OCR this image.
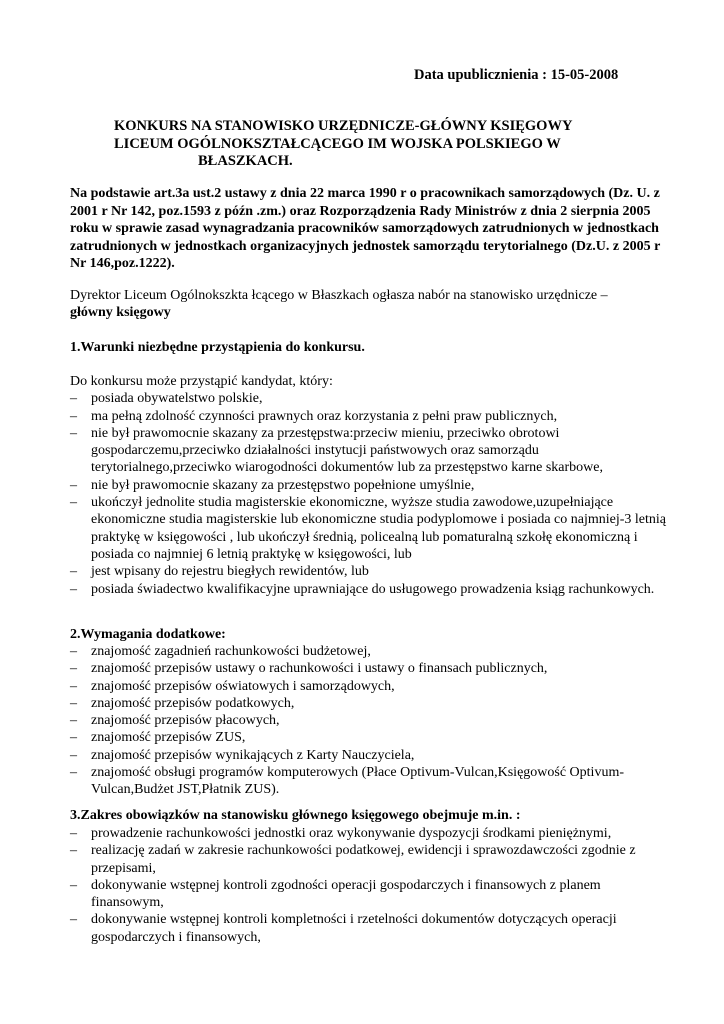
Data upublicznienia : 15-05-2008
KONKURS NA STANOWISKO URZĘDNICZE-GŁÓWNY KSIĘGOWY
LICEUM OGÓLNOKSZTAŁCĄCEGO IM WOJSKA POLSKIEGO W
BŁASZKACH.

Na podstawie art.3a ust.2 ustawy z dnia 22 marca 1990 r o pracownikach samorządowych (Dz. U. z 2001 r Nr 142, poz.1593 z późn .zm.) oraz Rozporządzenia Rady Ministrów z dnia 2 sierpnia 2005 roku w sprawie zasad wynagradzania pracowników samorządowych zatrudnionych w jednostkach zatrudnionych w jednostkach organizacyjnych jednostek samorządu terytorialnego (Dz.U. z 2005 r Nr 146,poz.1222).

Dyrektor Liceum Ogólnokszkta łcącego w Błaszkach ogłasza nabór na stanowisko urzędnicze –
główny księgowy
1.Warunki niezbędne przystąpienia do konkursu.
Do konkursu może przystąpić kandydat, który:
– posiada obywatelstwo polskie,
– ma pełną zdolność czynności prawnych oraz korzystania z pełni praw publicznych,
– nie był prawomocnie skazany za przestępstwa:przeciw mieniu, przeciwko obrotowi gospodarczemu,przeciwko działalności instytucji państwowych oraz samorządu terytorialnego,przeciwko wiarogodności dokumentów lub za przestępstwo karne skarbowe,
– nie był prawomocnie skazany za przestępstwo popełnione umyślnie,
– ukończył jednolite studia magisterskie ekonomiczne, wyższe studia zawodowe,uzupełniające ekonomiczne studia magisterskie lub ekonomiczne studia podyplomowe i posiada co najmniej-3 letnią praktykę w księgowości , lub ukończył średnią, policealną lub pomaturalną szkołę ekonomiczną i posiada co najmniej 6 letnią praktykę w księgowości, lub
– jest wpisany do rejestru biegłych rewidentów, lub
– posiada świadectwo kwalifikacyjne uprawniające do usługowego prowadzenia ksiąg rachunkowych.
2.Wymagania dodatkowe:
– znajomość zagadnień rachunkowości budżetowej,
– znajomość przepisów ustawy o rachunkowości i ustawy o finansach publicznych,
– znajomość przepisów oświatowych i samorządowych,
– znajomość przepisów podatkowych,
– znajomość przepisów płacowych,
– znajomość przepisów ZUS,
– znajomość przepisów wynikających z Karty Nauczyciela,
– znajomość obsługi programów komputerowych (Płace Optivum-Vulcan,Księgowość Optivum-Vulcan,Budżet JST,Płatnik ZUS).
3.Zakres obowiązków na stanowisku głównego księgowego obejmuje m.in. :
– prowadzenie rachunkowości jednostki oraz wykonywanie dyspozycji środkami pieniężnymi,
– realizację zadań w zakresie rachunkowości podatkowej, ewidencji i sprawozdawczości zgodnie z przepisami,
– dokonywanie wstępnej kontroli zgodności operacji gospodarczych i finansowych z planem finansowym,
– dokonywanie wstępnej kontroli kompletności i rzetelności dokumentów dotyczących operacji gospodarczych i finansowych,
